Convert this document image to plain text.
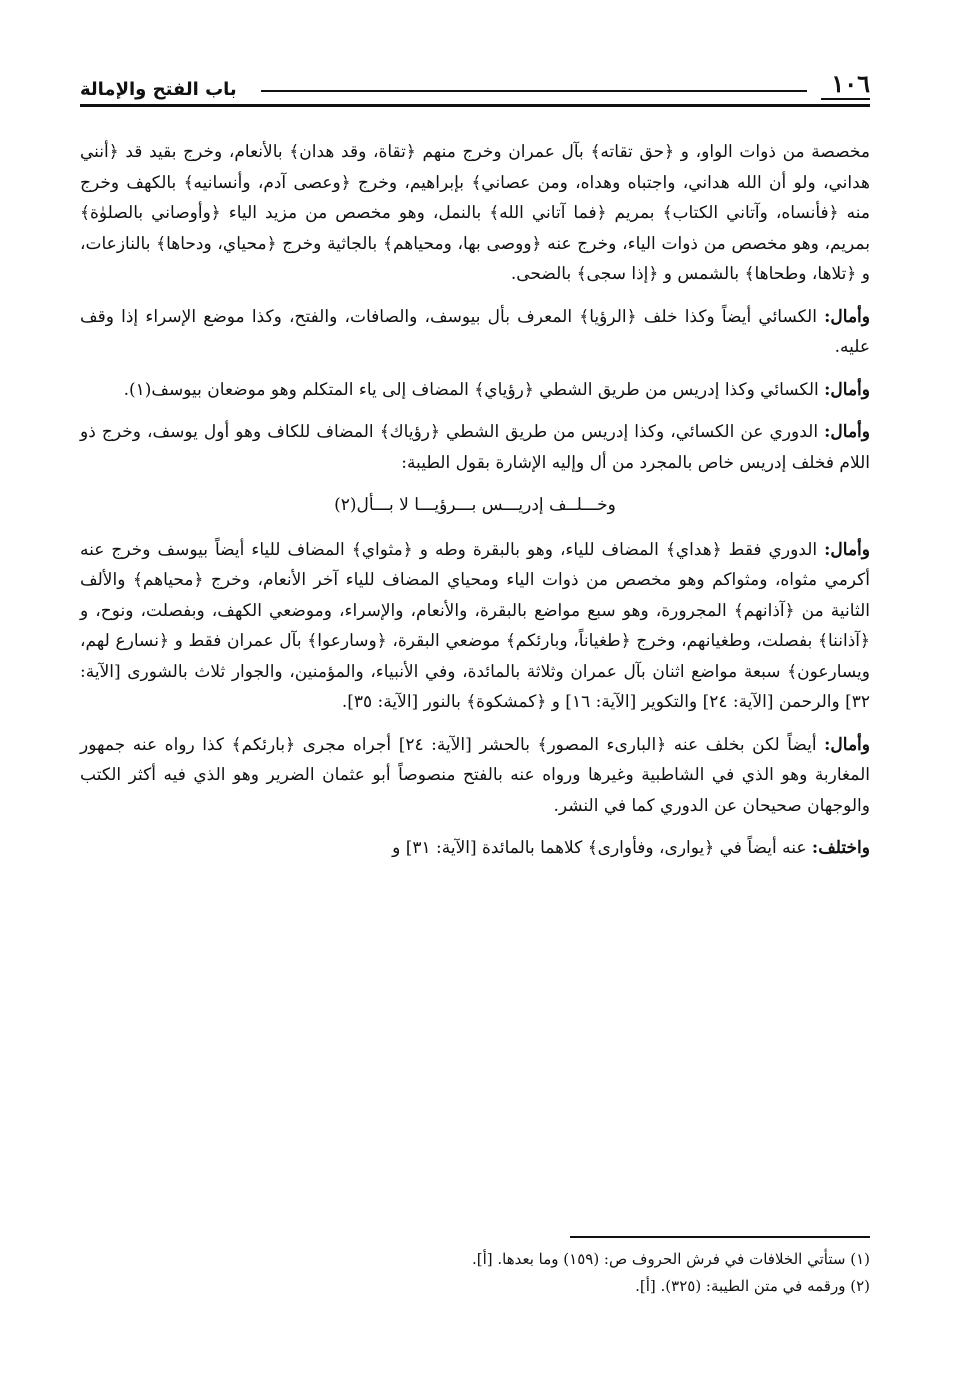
١٠٦
باب الفتح والإمالة

مخصصة من ذوات الواو، و ﴿حق تقاته﴾ بآل عمران وخرج منهم ﴿تقاة، وقد هدان﴾ بالأنعام، وخرج بقيد قد ﴿أنني هداني، ولو أن الله هداني، واجتباه وهداه، ومن عصاني﴾ بإبراهيم، وخرج ﴿وعصى آدم، وأنسانيه﴾ بالكهف وخرج منه ﴿فأنساه، وآتاني الكتاب﴾ بمريم ﴿فما آتاني الله﴾ بالنمل، وهو مخصص من مزيد الياء ﴿وأوصاني بالصلوٰة﴾ بمريم، وهو مخصص من ذوات الياء، وخرج عنه ﴿ووصى بها، ومحياهم﴾ بالجاثية وخرج ﴿محياي، ودحاها﴾ بالنازعات، و ﴿تلاها، وطحاها﴾ بالشمس و ﴿إذا سجى﴾ بالضحى.

وأمال: الكسائي أيضاً وكذا خلف ﴿الرؤيا﴾ المعرف بأل بيوسف، والصافات، والفتح، وكذا موضع الإسراء إذا وقف عليه.

وأمال: الكسائي وكذا إدريس من طريق الشطي ﴿رؤياي﴾ المضاف إلى ياء المتكلم وهو موضعان بيوسف(١).

وأمال: الدوري عن الكسائي، وكذا إدريس من طريق الشطي ﴿رؤياك﴾ المضاف للكاف وهو أول يوسف، وخرج ذو اللام فخلف إدريس خاص بالمجرد من أل وإليه الإشارة بقول الطيبة:

وخـــلــف إدريـــس بـــرؤيـــا لا بـــأل(٢)

وأمال: الدوري فقط ﴿هداي﴾ المضاف للياء، وهو بالبقرة وطه و ﴿مثواي﴾ المضاف للياء أيضاً بيوسف وخرج عنه أكرمي مثواه، ومثواكم وهو مخصص من ذوات الياء ومحياي المضاف للياء آخر الأنعام، وخرج ﴿محياهم﴾ والألف الثانية من ﴿آذانهم﴾ المجرورة، وهو سبع مواضع بالبقرة، والأنعام، والإسراء، وموضعي الكهف، وبفصلت، ونوح، و ﴿آذاننا﴾ بفصلت، وطغيانهم، وخرج ﴿طغياناً، وبارئكم﴾ موضعي البقرة، ﴿وسارعوا﴾ بآل عمران فقط و ﴿نسارع لهم، ويسارعون﴾ سبعة مواضع اثنان بآل عمران وثلاثة بالمائدة، وفي الأنبياء، والمؤمنين، والجوار ثلاث بالشورى [الآية: ٣٢] والرحمن [الآية: ٢٤] والتكوير [الآية: ١٦] و ﴿كمشكوة﴾ بالنور [الآية: ٣٥].

وأمال: أيضاً لكن بخلف عنه ﴿البارىء المصور﴾ بالحشر [الآية: ٢٤] أجراه مجرى ﴿بارئكم﴾ كذا رواه عنه جمهور المغاربة وهو الذي في الشاطبية وغيرها ورواه عنه بالفتح منصوصاً أبو عثمان الضرير وهو الذي فيه أكثر الكتب والوجهان صحيحان عن الدوري كما في النشر.

واختلف: عنه أيضاً في ﴿يوارى، وفأوارى﴾ كلاهما بالمائدة [الآية: ٣١] و

(١) ستأتي الخلافات في فرش الحروف ص: (١٥٩) وما بعدها. [أ].
(٢) ورقمه في متن الطيبة: (٣٢٥). [أ].
